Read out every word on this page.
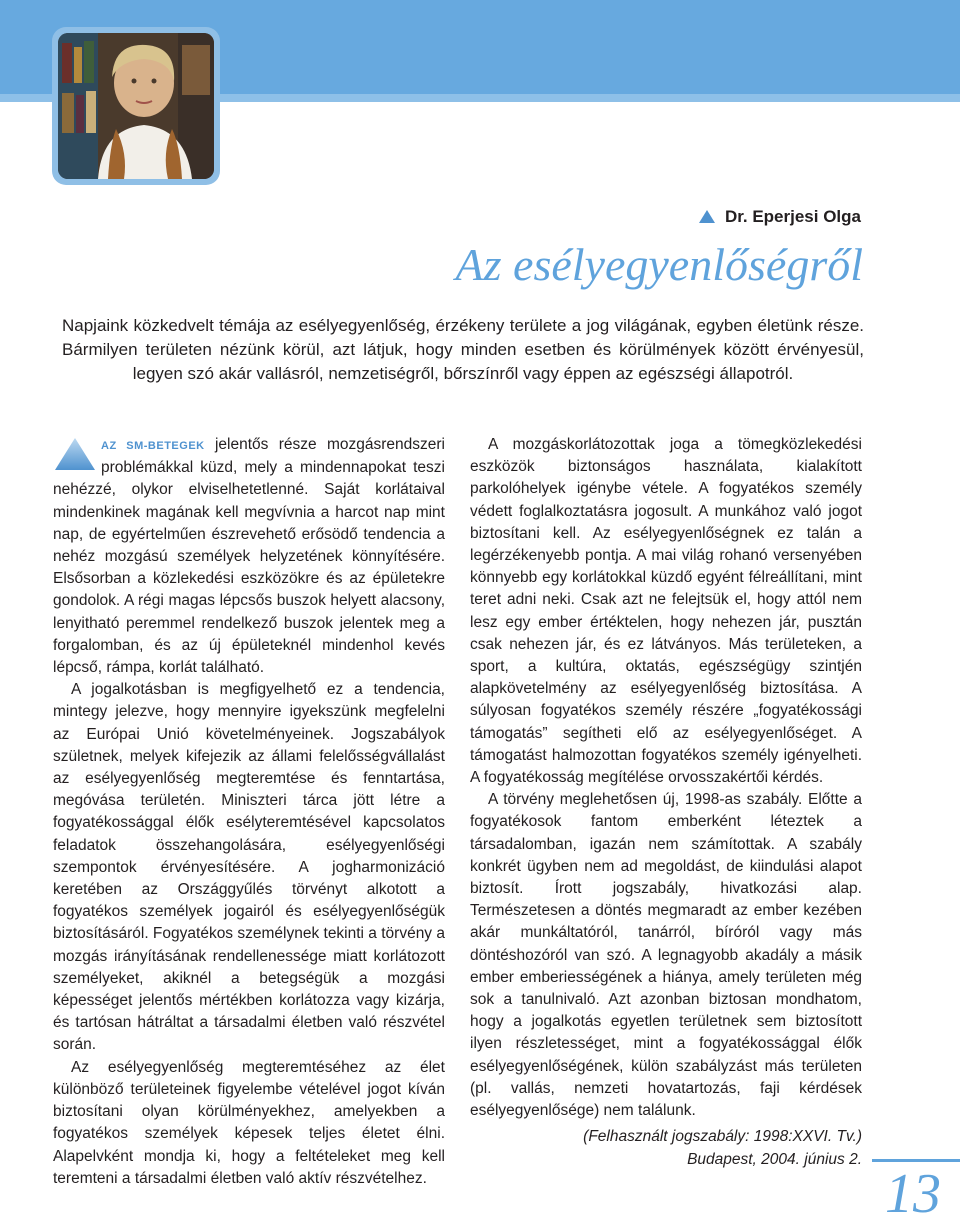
Dr. Eperjesi Olga
Az esélyegyenlőségről
Napjaink közkedvelt témája az esélyegyenlőség, érzékeny területe a jog világának, egyben életünk része. Bármilyen területen nézünk körül, azt látjuk, hogy minden esetben és körülmények között érvényesül, legyen szó akár vallásról, nemzetiségről, bőrszínről vagy éppen az egészségi állapotról.

AZ SM-BETEGEK jelentős része mozgásrendszeri problémákkal küzd, mely a mindennapokat teszi nehézzé, olykor elviselhetetlenné. Saját korlátaival mindenkinek magának kell megvívnia a harcot nap mint nap, de egyértelműen észrevehető erősödő tendencia a nehéz mozgású személyek helyzetének könnyítésére. Elsősorban a közlekedési eszközökre és az épületekre gondolok. A régi magas lépcsős buszok helyett alacsony, lenyitható peremmel rendelkező buszok jelentek meg a forgalomban, és az új épületeknél mindenhol kevés lépcső, rámpa, korlát található.

A jogalkotásban is megfigyelhető ez a tendencia, mintegy jelezve, hogy mennyire igyekszünk megfelelni az Európai Unió követelményeinek. Jogszabályok születnek, melyek kifejezik az állami felelősségvállalást az esélyegyenlőség megteremtése és fenntartása, megóvása területén. Miniszteri tárca jött létre a fogyatékossággal élők esélyteremtésével kapcsolatos feladatok összehangolására, esélyegyenlőségi szempontok érvényesítésére. A jogharmonizáció keretében az Országgyűlés törvényt alkotott a fogyatékos személyek jogairól és esélyegyenlőségük biztosításáról. Fogyatékos személynek tekinti a törvény a mozgás irányításának rendellenessége miatt korlátozott személyeket, akiknél a betegségük a mozgási képességet jelentős mértékben korlátozza vagy kizárja, és tartósan hátráltat a társadalmi életben való részvétel során.

Az esélyegyenlőség megteremtéséhez az élet különböző területeinek figyelembe vételével jogot kíván biztosítani olyan körülményekhez, amelyekben a fogyatékos személyek képesek teljes életet élni. Alapelvként mondja ki, hogy a feltételeket meg kell teremteni a társadalmi életben való aktív részvételhez.

A mozgáskorlátozottak joga a tömegközlekedési eszközök biztonságos használata, kialakított parkolóhelyek igénybe vétele. A fogyatékos személy védett foglalkoztatásra jogosult. A munkához való jogot biztosítani kell. Az esélyegyenlőségnek ez talán a legérzékenyebb pontja. A mai világ rohanó versenyében könnyebb egy korlátokkal küzdő egyént félreállítani, mint teret adni neki. Csak azt ne felejtsük el, hogy attól nem lesz egy ember értéktelen, hogy nehezen jár, pusztán csak nehezen jár, és ez látványos. Más területeken, a sport, a kultúra, oktatás, egészségügy szintjén alapkövetelmény az esélyegyenlőség biztosítása. A súlyosan fogyatékos személy részére „fogyatékossági támogatás” segítheti elő az esélyegyenlőséget. A támogatást halmozottan fogyatékos személy igényelheti. A fogyatékosság megítélése orvosszakértői kérdés.

A törvény meglehetősen új, 1998-as szabály. Előtte a fogyatékosok fantom emberként léteztek a társadalomban, igazán nem számítottak. A szabály konkrét ügyben nem ad megoldást, de kiindulási alapot biztosít. Írott jogszabály, hivatkozási alap. Természetesen a döntés megmaradt az ember kezében akár munkáltatóról, tanárról, bíróról vagy más döntéshozóról van szó. A legnagyobb akadály a másik ember emberiességének a hiánya, amely területen még sok a tanulnivaló. Azt azonban biztosan mondhatom, hogy a jogalkotás egyetlen területnek sem biztosított ilyen részletességet, mint a fogyatékossággal élők esélyegyenlőségének, külön szabályzást más területen (pl. vallás, nemzeti hovatartozás, faji kérdések esélyegyenlősége) nem találunk.

(Felhasznált jogszabály: 1998:XXVI. Tv.)
Budapest, 2004. június 2.
13
